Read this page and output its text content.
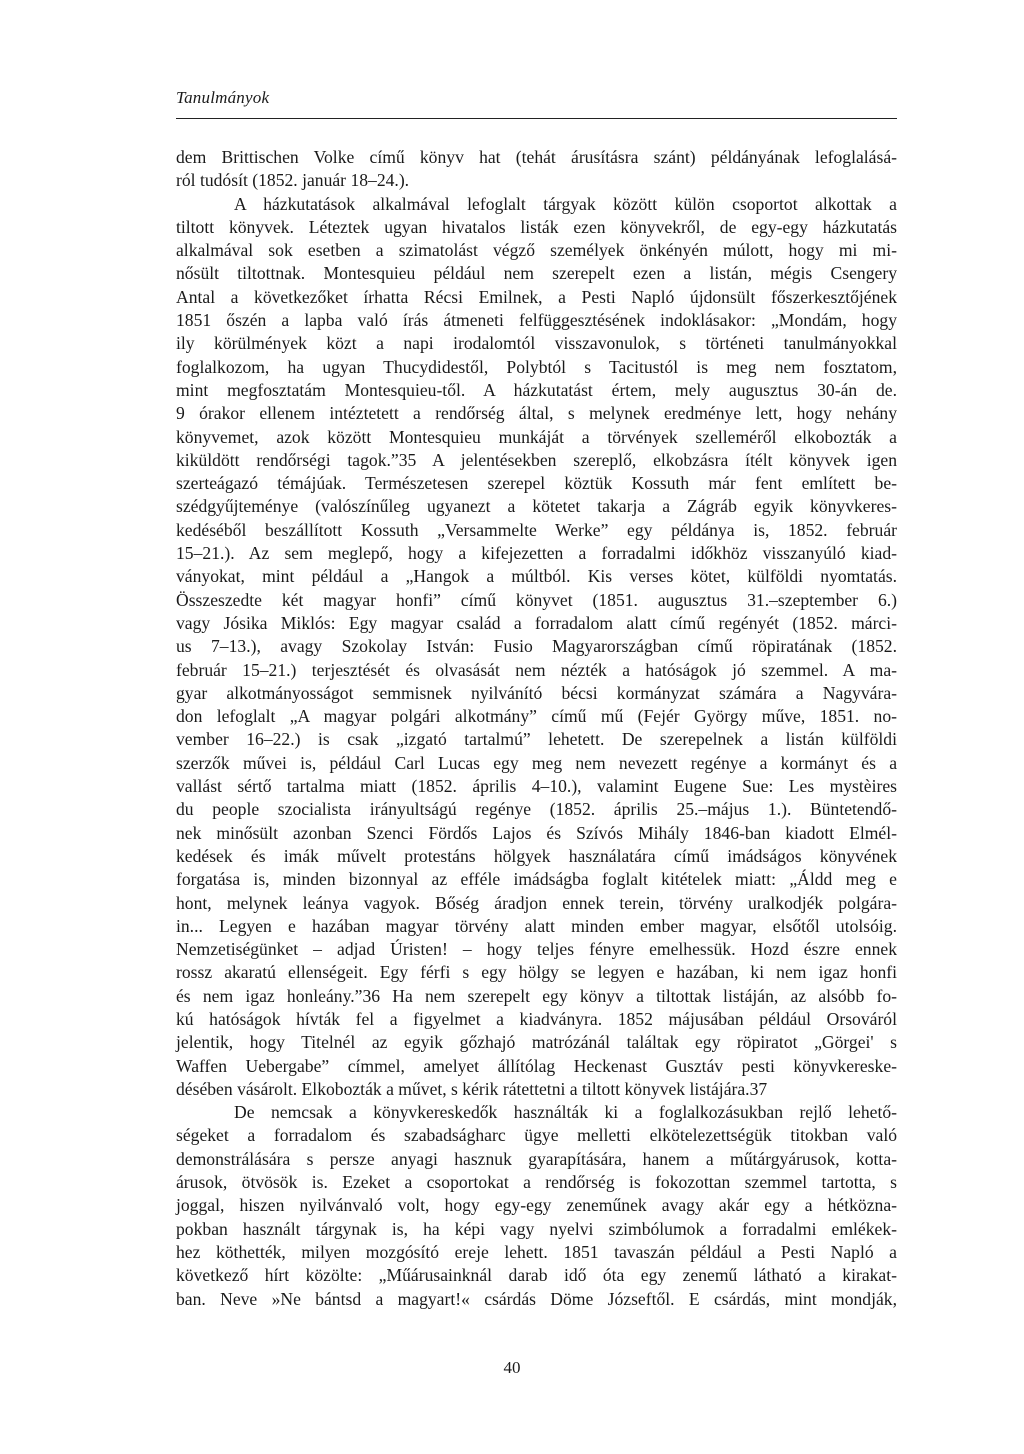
Tanulmányok
dem Brittischen Volke című könyv hat (tehát árusításra szánt) példányának lefoglalásá-
ról tudósít (1852. január 18–24.).
A házkutatások alkalmával lefoglalt tárgyak között külön csoportot alkottak a
tiltott könyvek. Léteztek ugyan hivatalos listák ezen könyvekről, de egy-egy házkutatás
alkalmával sok esetben a szimatolást végző személyek önkényén múlott, hogy mi mi-
nősült tiltottnak. Montesquieu például nem szerepelt ezen a listán, mégis Csengery
Antal a következőket írhatta Récsi Emilnek, a Pesti Napló újdonsült főszerkesztőjének
1851 őszén a lapba való írás átmeneti felfüggesztésének indoklásakor: „Mondám, hogy
ily körülmények közt a napi irodalomtól visszavonulok, s történeti tanulmányokkal
foglalkozom, ha ugyan Thucydidestől, Polybtól s Tacitustól is meg nem fosztatom,
mint megfosztatám Montesquieu-től. A házkutatást értem, mely augusztus 30-án de.
9 órakor ellenem intéztetett a rendőrség által, s melynek eredménye lett, hogy nehány
könyvemet, azok között Montesquieu munkáját a törvények szelleméről elkobozták a
kiküldött rendőrségi tagok.”35 A jelentésekben szereplő, elkobzásra ítélt könyvek igen
szerteágazó témájúak. Természetesen szerepel köztük Kossuth már fent említett be-
szédgyűjteménye (valószínűleg ugyanezt a kötetet takarja a Zágráb egyik könyvkeres-
kedéséből beszállított Kossuth „Versammelte Werke” egy példánya is, 1852. február
15–21.). Az sem meglepő, hogy a kifejezetten a forradalmi időkhöz visszanyúló kiad-
ványokat, mint például a „Hangok a múltból. Kis verses kötet, külföldi nyomtatás.
Összeszedte két magyar honfi” című könyvet (1851. augusztus 31.–szeptember 6.)
vagy Jósika Miklós: Egy magyar család a forradalom alatt című regényét (1852. márci-
us 7–13.), avagy Szokolay István: Fusio Magyarországban című röpiratának (1852.
február 15–21.) terjesztését és olvasását nem nézték a hatóságok jó szemmel. A ma-
gyar alkotmányosságot semmisnek nyilvánító bécsi kormányzat számára a Nagyvára-
don lefoglalt „A magyar polgári alkotmány” című mű (Fejér György műve, 1851. no-
vember 16–22.) is csak „izgató tartalmú” lehetett. De szerepelnek a listán külföldi
szerzők művei is, például Carl Lucas egy meg nem nevezett regénye a kormányt és a
vallást sértő tartalma miatt (1852. április 4–10.), valamint Eugene Sue: Les mystèires
du people szocialista irányultságú regénye (1852. április 25.–május 1.). Büntetendő-
nek minősült azonban Szenci Fördős Lajos és Szívós Mihály 1846-ban kiadott Elmél-
kedések és imák művelt protestáns hölgyek használatára című imádságos könyvének
forgatása is, minden bizonnyal az efféle imádságba foglalt kitételek miatt: „Áldd meg e
hont, melynek leánya vagyok. Bőség áradjon ennek terein, törvény uralkodjék polgára-
in... Legyen e hazában magyar törvény alatt minden ember magyar, elsőtől utolsóig.
Nemzetiségünket – adjad Úristen! – hogy teljes fényre emelhessük. Hozd észre ennek
rossz akaratú ellenségeit. Egy férfi s egy hölgy se legyen e hazában, ki nem igaz honfi
és nem igaz honleány.”36 Ha nem szerepelt egy könyv a tiltottak listáján, az alsóbb fo-
kú hatóságok hívták fel a figyelmet a kiadványra. 1852 májusában például Orsováról
jelentik, hogy Titelnél az egyik gőzhajó matrózánál találtak egy röpiratot „Görgei' s
Waffen Uebergabe” címmel, amelyet állítólag Heckenast Gusztáv pesti könyvkereske-
désében vásárolt. Elkobozták a művet, s kérik rátettetni a tiltott könyvek listájára.37
De nemcsak a könyvkereskedők használták ki a foglalkozásukban rejlő lehető-
ségeket a forradalom és szabadságharc ügye melletti elkötelezettségük titokban való
demonstrálására s persze anyagi hasznuk gyarapítására, hanem a műtárgyárusok, kotta-
árusok, ötvösök is. Ezeket a csoportokat a rendőrség is fokozottan szemmel tartotta, s
joggal, hiszen nyilvánvaló volt, hogy egy-egy zeneműnek avagy akár egy a hétközna-
pokban használt tárgynak is, ha képi vagy nyelvi szimbólumok a forradalmi emlékek-
hez köthették, milyen mozgósító ereje lehett. 1851 tavaszán például a Pesti Napló a
következő hírt közölte: „Műárusainknál darab idő óta egy zenemű látható a kirakat-
ban. Neve »Ne bántsd a magyart!« csárdás Döme Józseftől. E csárdás, mint mondják,
40
